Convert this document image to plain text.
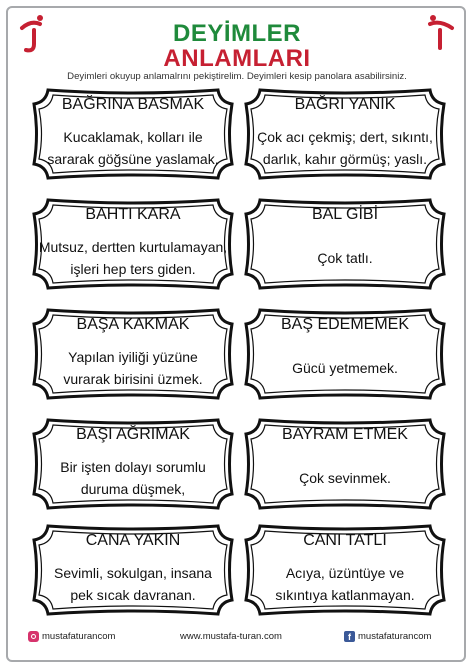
DEYİMLER
ANLAMLARI
Deyimleri okuyup anlamalrını pekiştirelim. Deyimleri kesip panolara asabilirsiniz.
BAĞRINA BASMAK
Kucaklamak, kolları ile
sararak göğsüne yaslamak.
BAĞRI YANIK
Çok acı çekmiş; dert, sıkıntı,
darlık, kahır görmüş; yaslı.
BAHTI KARA
Mutsuz, dertten kurtulamayan,
işleri hep ters giden.
BAL GİBİ
Çok tatlı.
BAŞA KAKMAK
Yapılan iyiliği yüzüne
vurarak birisini üzmek.
BAŞ EDEMEMEK
Gücü yetmemek.
BAŞI AĞRIMAK
Bir işten dolayı sorumlu
duruma düşmek,
BAYRAM ETMEK
Çok sevinmek.
CANA YAKIN
Sevimli, sokulgan, insana
pek sıcak davranan.
CANI TATLI
Acıya, üzüntüye ve
sıkıntıya katlanmayan.
mustafaturancom	www.mustafa-turan.com	f mustafaturancom
